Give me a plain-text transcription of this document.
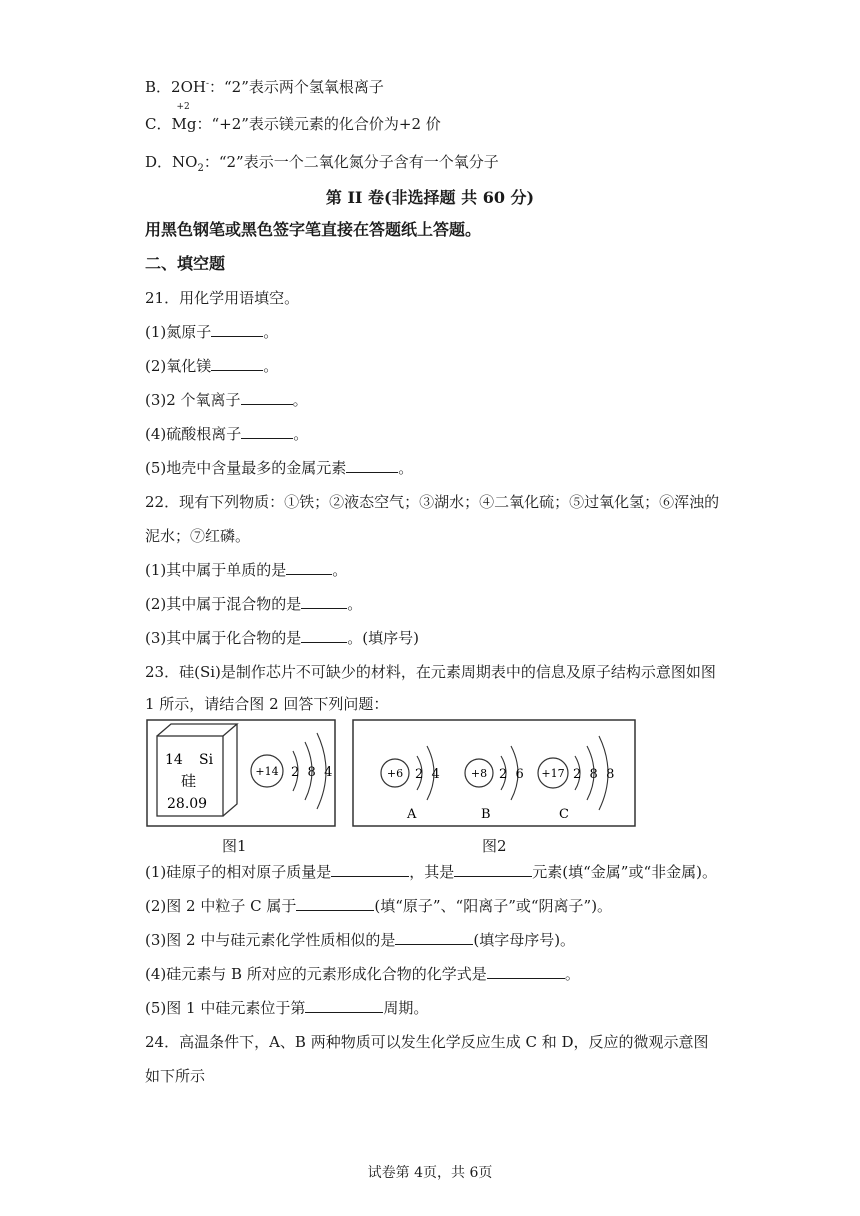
B．2OH-：“2”表示两个氢氧根离子
C．
+2
Mg：“+2”表示镁元素的化合价为+2 价
D．$NO_2$：“2”表示一个二氧化氮分子含有一个氧分子
第 II 卷(非选择题 共 60 分)
用黑色钢笔或黑色签字笔直接在答题纸上答题。
二、填空题
21．用化学用语填空。
(1)氮原子	。
(2)氧化镁	。
(3)2 个氧离子	。
(4)硫酸根离子	。
(5)地壳中含量最多的金属元素	。
22．现有下列物质：①铁；②液态空气；③湖水；④二氧化硫；⑤过氧化氢；⑥浑浊的
泥水；⑦红磷。
(1)其中属于单质的是	。
(2)其中属于混合物的是	。
(3)其中属于化合物的是	。(填序号)
23．硅(Si)是制作芯片不可缺少的材料，在元素周期表中的信息及原子结构示意图如图
1 所示，请结合图 2 回答下列问题：
14 Si
硅
28.09
+14 2  8  4	+6 2  4
A
+8 2  6
B
+17 2  8  8
C
图1	图2
(1)硅原子的相对原子质量是	，其是	元素(填“金属”或“非金属)。
(2)图 2 中粒子 C 属于	(填“原子”、“阳离子”或“阴离子”)。
(3)图 2 中与硅元素化学性质相似的是	(填字母序号)。
(4)硅元素与 B 所对应的元素形成化合物的化学式是	。
(5)图 1 中硅元素位于第	周期。
24．高温条件下，A、B 两种物质可以发生化学反应生成 C 和 D，反应的微观示意图
如下所示
试卷第 4页，共 6页
